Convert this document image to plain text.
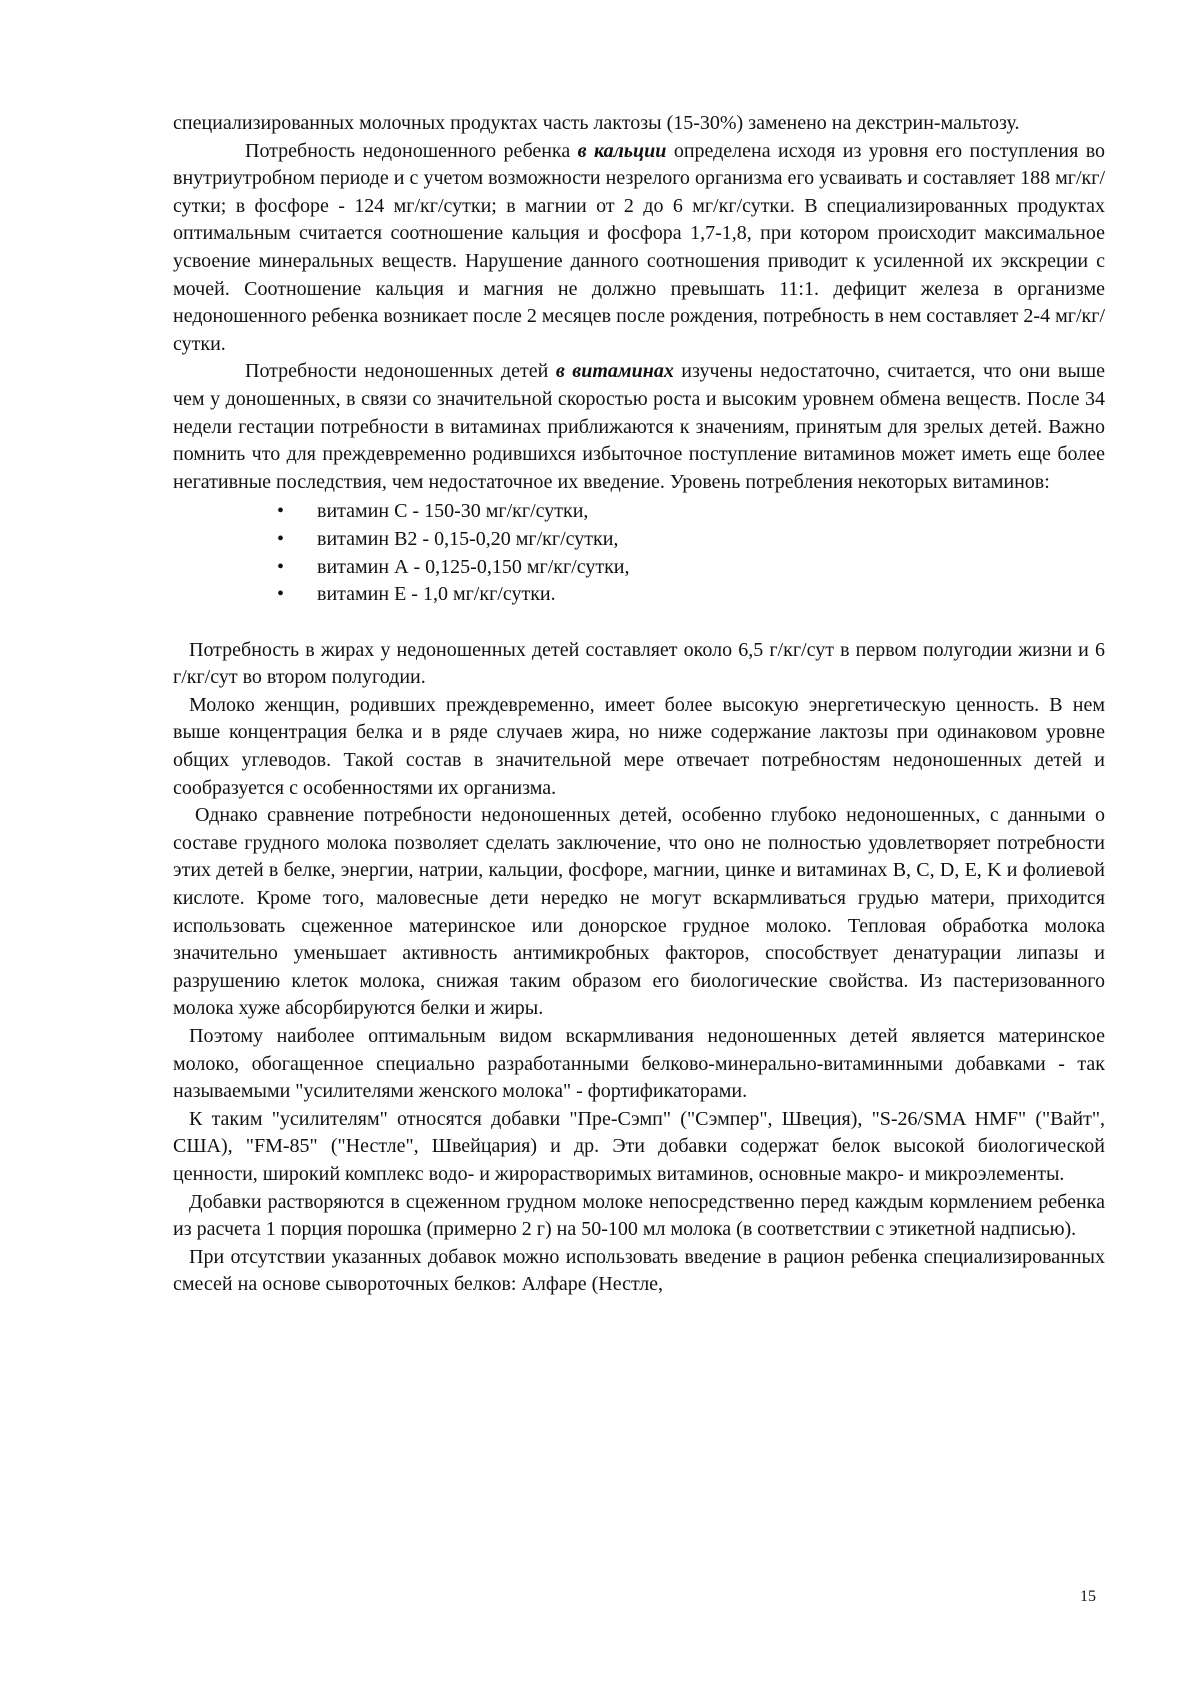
специализированных молочных продуктах часть лактозы (15-30%) заменено на декстрин-мальтозу.

Потребность недоношенного ребенка в кальции определена исходя из уровня его поступления во внутриутробном периоде и с учетом возможности незрелого организма его усваивать и составляет 188 мг/кг/сутки; в фосфоре - 124 мг/кг/сутки; в магнии от 2 до 6 мг/кг/сутки. В специализированных продуктах оптимальным считается соотношение кальция и фосфора 1,7-1,8, при котором происходит максимальное усвоение минеральных веществ. Нарушение данного соотношения приводит к усиленной их экскреции с мочей. Соотношение кальция и магния не должно превышать 11:1. дефицит железа в организме недоношенного ребенка возникает после 2 месяцев после рождения, потребность в нем составляет 2-4 мг/кг/сутки.

Потребности недоношенных детей в витаминах изучены недостаточно, считается, что они выше чем у доношенных, в связи со значительной скоростью роста и высоким уровнем обмена веществ. После 34 недели гестации потребности в витаминах приближаются к значениям, принятым для зрелых детей. Важно помнить что для преждевременно родившихся избыточное поступление витаминов может иметь еще более негативные последствия, чем недостаточное их введение. Уровень потребления некоторых витаминов:

• витамин С - 150-30 мг/кг/сутки,
• витамин В2 - 0,15-0,20 мг/кг/сутки,
• витамин А - 0,125-0,150 мг/кг/сутки,
• витамин Е - 1,0 мг/кг/сутки.

Потребность в жирах у недоношенных детей составляет около 6,5 г/кг/сут в первом полугодии жизни и 6 г/кг/сут во втором полугодии.

Молоко женщин, родивших преждевременно, имеет более высокую энергетическую ценность. В нем выше концентрация белка и в ряде случаев жира, но ниже содержание лактозы при одинаковом уровне общих углеводов. Такой состав в значительной мере отвечает потребностям недоношенных детей и сообразуется с особенностями их организма.

Однако сравнение потребности недоношенных детей, особенно глубоко недоношенных, с данными о составе грудного молока позволяет сделать заключение, что оно не полностью удовлетворяет потребности этих детей в белке, энергии, натрии, кальции, фосфоре, магнии, цинке и витаминах B, C, D, E, K и фолиевой кислоте. Кроме того, маловесные дети нередко не могут вскармливаться грудью матери, приходится использовать сцеженное материнское или донорское грудное молоко. Тепловая обработка молока значительно уменьшает активность антимикробных факторов, способствует денатурации липазы и разрушению клеток молока, снижая таким образом его биологические свойства. Из пастеризованного молока хуже абсорбируются белки и жиры.

Поэтому наиболее оптимальным видом вскармливания недоношенных детей является материнское молоко, обогащенное специально разработанными белково-минерально-витаминными добавками - так называемыми "усилителями женского молока" - фортификаторами.

К таким "усилителям" относятся добавки "Пре-Сэмп" ("Сэмпер", Швеция), "S-26/SMA HMF" ("Вайт", США), "FM-85" ("Нестле", Швейцария) и др. Эти добавки содержат белок высокой биологической ценности, широкий комплекс водо- и жирорастворимых витаминов, основные макро- и микроэлементы.

Добавки растворяются в сцеженном грудном молоке непосредственно перед каждым кормлением ребенка из расчета 1 порция порошка (примерно 2 г) на 50-100 мл молока (в соответствии с этикетной надписью).

При отсутствии указанных добавок можно использовать введение в рацион ребенка специализированных смесей на основе сывороточных белков: Алфаре (Нестле,

15
